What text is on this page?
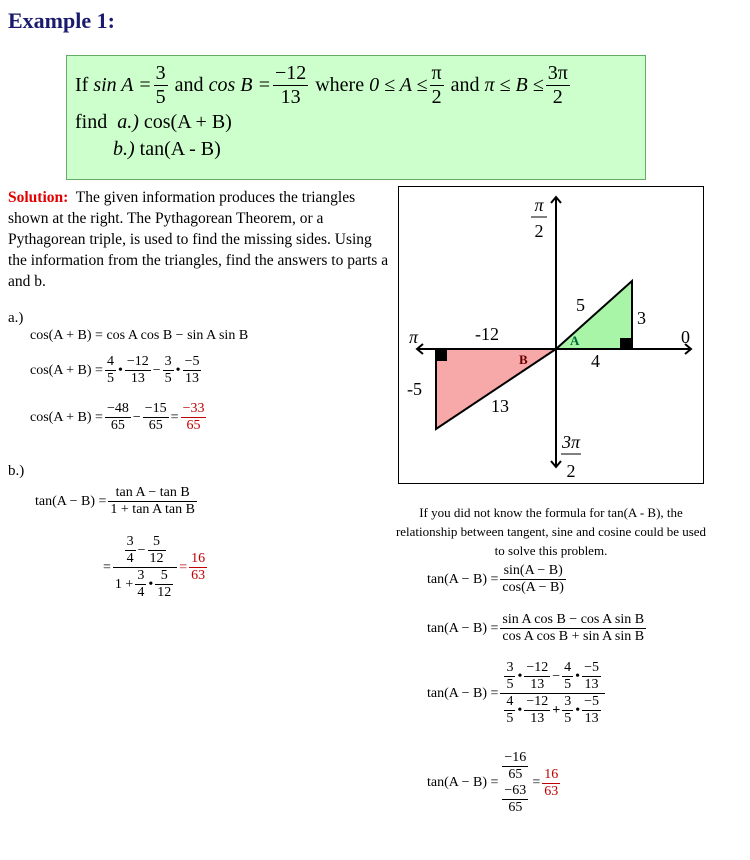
Example 1:
If
$\sin A = \frac{3}{5}$
and
$\cos B = \frac{-12}{13}$
where
$0 \le A \le \frac{\pi}{2}$
and
$\pi \le B \le \frac{3\pi}{2}$
find a.) cos(A + B)
b.) tan(A - B)
Solution: The given information produces the triangles shown at the right. The Pythagorean Theorem, or a Pythagorean triple, is used to find the missing sides. Using the information from the triangles, find the answers to parts a and b.
a.)
cos(A + B) =
cos A cos B − sin A sin B
$\cos(A + B) = \frac{4}{5}$ • $\frac{-12}{13} - \frac{3}{5}$ • $\frac{-5}{13}$
$\cos(A + B) = \frac{-48}{65} - \frac{-15}{65} = \frac{-33}{65}$
b.)
$\tan(A - B) = \frac{\text{tan A − tan B}}{\text{1 + tan A tan B}}$
= $\frac{\frac{3}{4} - \frac{5}{12}}{1 + \frac{3}{4} • \frac{5}{12}} = \frac{16}{63}$
π
2
π	0
3π
2
5
3
4
A
-12
-5
13
B
If you did not know the formula for tan(A - B), the relationship between tangent, sine and cosine could be used to solve this problem.
$\tan(A - B) = \frac{\sin(A - B)}{\cos(A - B)}$
$\tan(A - B) = \frac{\text{sin A cos B − cos A sin B}}{\text{cos A cos B + sin A sin B}}$
$\tan(A - B) = \frac{\frac{3}{5} • \frac{-12}{13} - \frac{4}{5} • \frac{-5}{13}}{\frac{4}{5} • \frac{-12}{13} + \frac{3}{5} • \frac{-5}{13}}$
$\tan(A - B) = \frac{-16}{65}$
$\frac{-63}{65}$
= $\frac{16}{63}$
